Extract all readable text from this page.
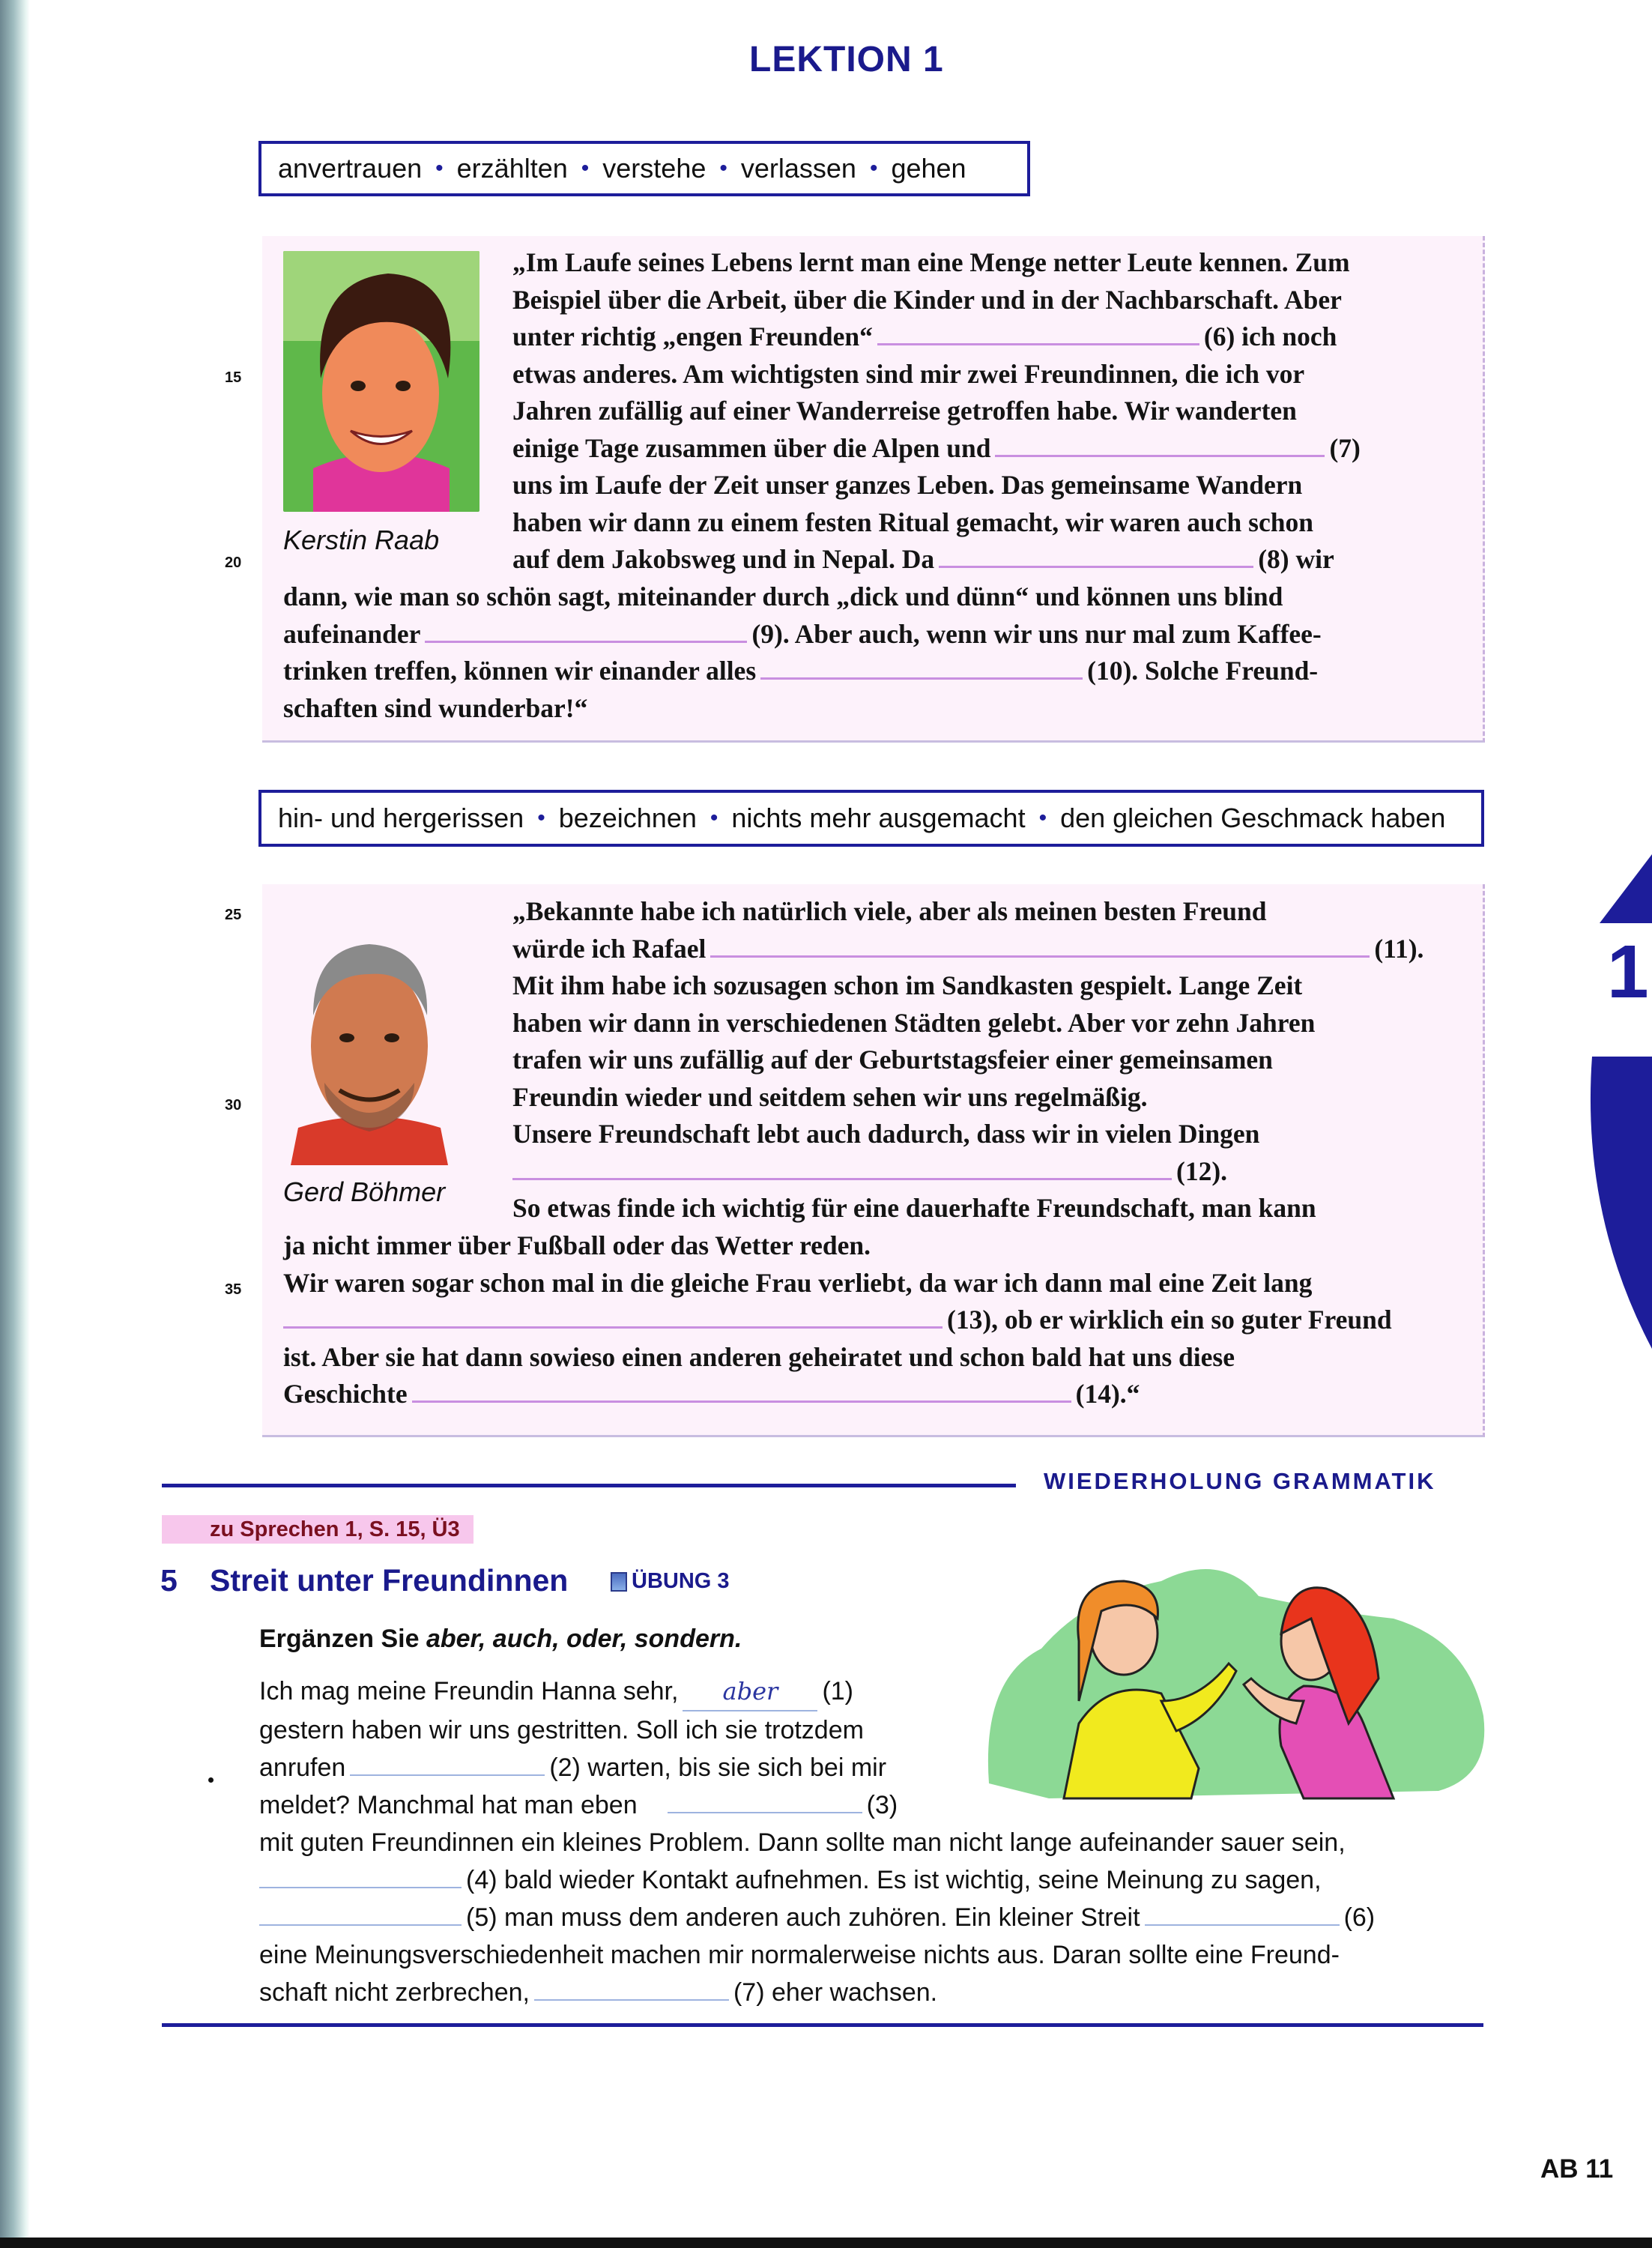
LEKTION 1
anvertrauen • erzählten • verstehe • verlassen • gehen
Kerstin Raab
15
20
„Im Laufe seines Lebens lernt man eine Menge netter Leute kennen. Zum
Beispiel über die Arbeit, über die Kinder und in der Nachbarschaft. Aber
unter richtig „engen Freunden“	(6) ich noch
etwas anderes. Am wichtigsten sind mir zwei Freundinnen, die ich vor
Jahren zufällig auf einer Wanderreise getroffen habe. Wir wanderten
einige Tage zusammen über die Alpen und	(7)
uns im Laufe der Zeit unser ganzes Leben. Das gemeinsame Wandern
haben wir dann zu einem festen Ritual gemacht, wir waren auch schon
auf dem Jakobsweg und in Nepal. Da	(8) wir
dann, wie man so schön sagt, miteinander durch „dick und dünn“ und können uns blind
aufeinander	(9). Aber auch, wenn wir uns nur mal zum Kaffee-
trinken treffen, können wir einander alles	(10). Solche Freund-
schaften sind wunderbar!“
hin- und hergerissen • bezeichnen • nichts mehr ausgemacht • den gleichen Geschmack haben
Gerd Böhmer
25
30
35
„Bekannte habe ich natürlich viele, aber als meinen besten Freund
würde ich Rafael	(11).
Mit ihm habe ich sozusagen schon im Sandkasten gespielt. Lange Zeit
haben wir dann in verschiedenen Städten gelebt. Aber vor zehn Jahren
trafen wir uns zufällig auf der Geburtstagsfeier einer gemeinsamen
Freundin wieder und seitdem sehen wir uns regelmäßig.
Unsere Freundschaft lebt auch dadurch, dass wir in vielen Dingen
(12).
So etwas finde ich wichtig für eine dauerhafte Freundschaft, man kann
ja nicht immer über Fußball oder das Wetter reden.
Wir waren sogar schon mal in die gleiche Frau verliebt, da war ich dann mal eine Zeit lang
(13), ob er wirklich ein so guter Freund
ist. Aber sie hat dann sowieso einen anderen geheiratet und schon bald hat uns diese
Geschichte	(14).“
1
WIEDERHOLUNG GRAMMATIK
zu Sprechen 1, S. 15, Ü3
5 Streit unter Freundinnen	ÜBUNG 3
Ergänzen Sie aber, auch, oder, sondern.
Ich mag meine Freundin Hanna sehr, aber (1)
gestern haben wir uns gestritten. Soll ich sie trotzdem
anrufen	(2) warten, bis sie sich bei mir
meldet? Manchmal hat man eben	(3)
mit guten Freundinnen ein kleines Problem. Dann sollte man nicht lange aufeinander sauer sein,
(4) bald wieder Kontakt aufnehmen. Es ist wichtig, seine Meinung zu sagen,
(5) man muss dem anderen auch zuhören. Ein kleiner Streit	(6)
eine Meinungsverschiedenheit machen mir normalerweise nichts aus. Daran sollte eine Freund-
schaft nicht zerbrechen,	(7) eher wachsen.
AB 11
